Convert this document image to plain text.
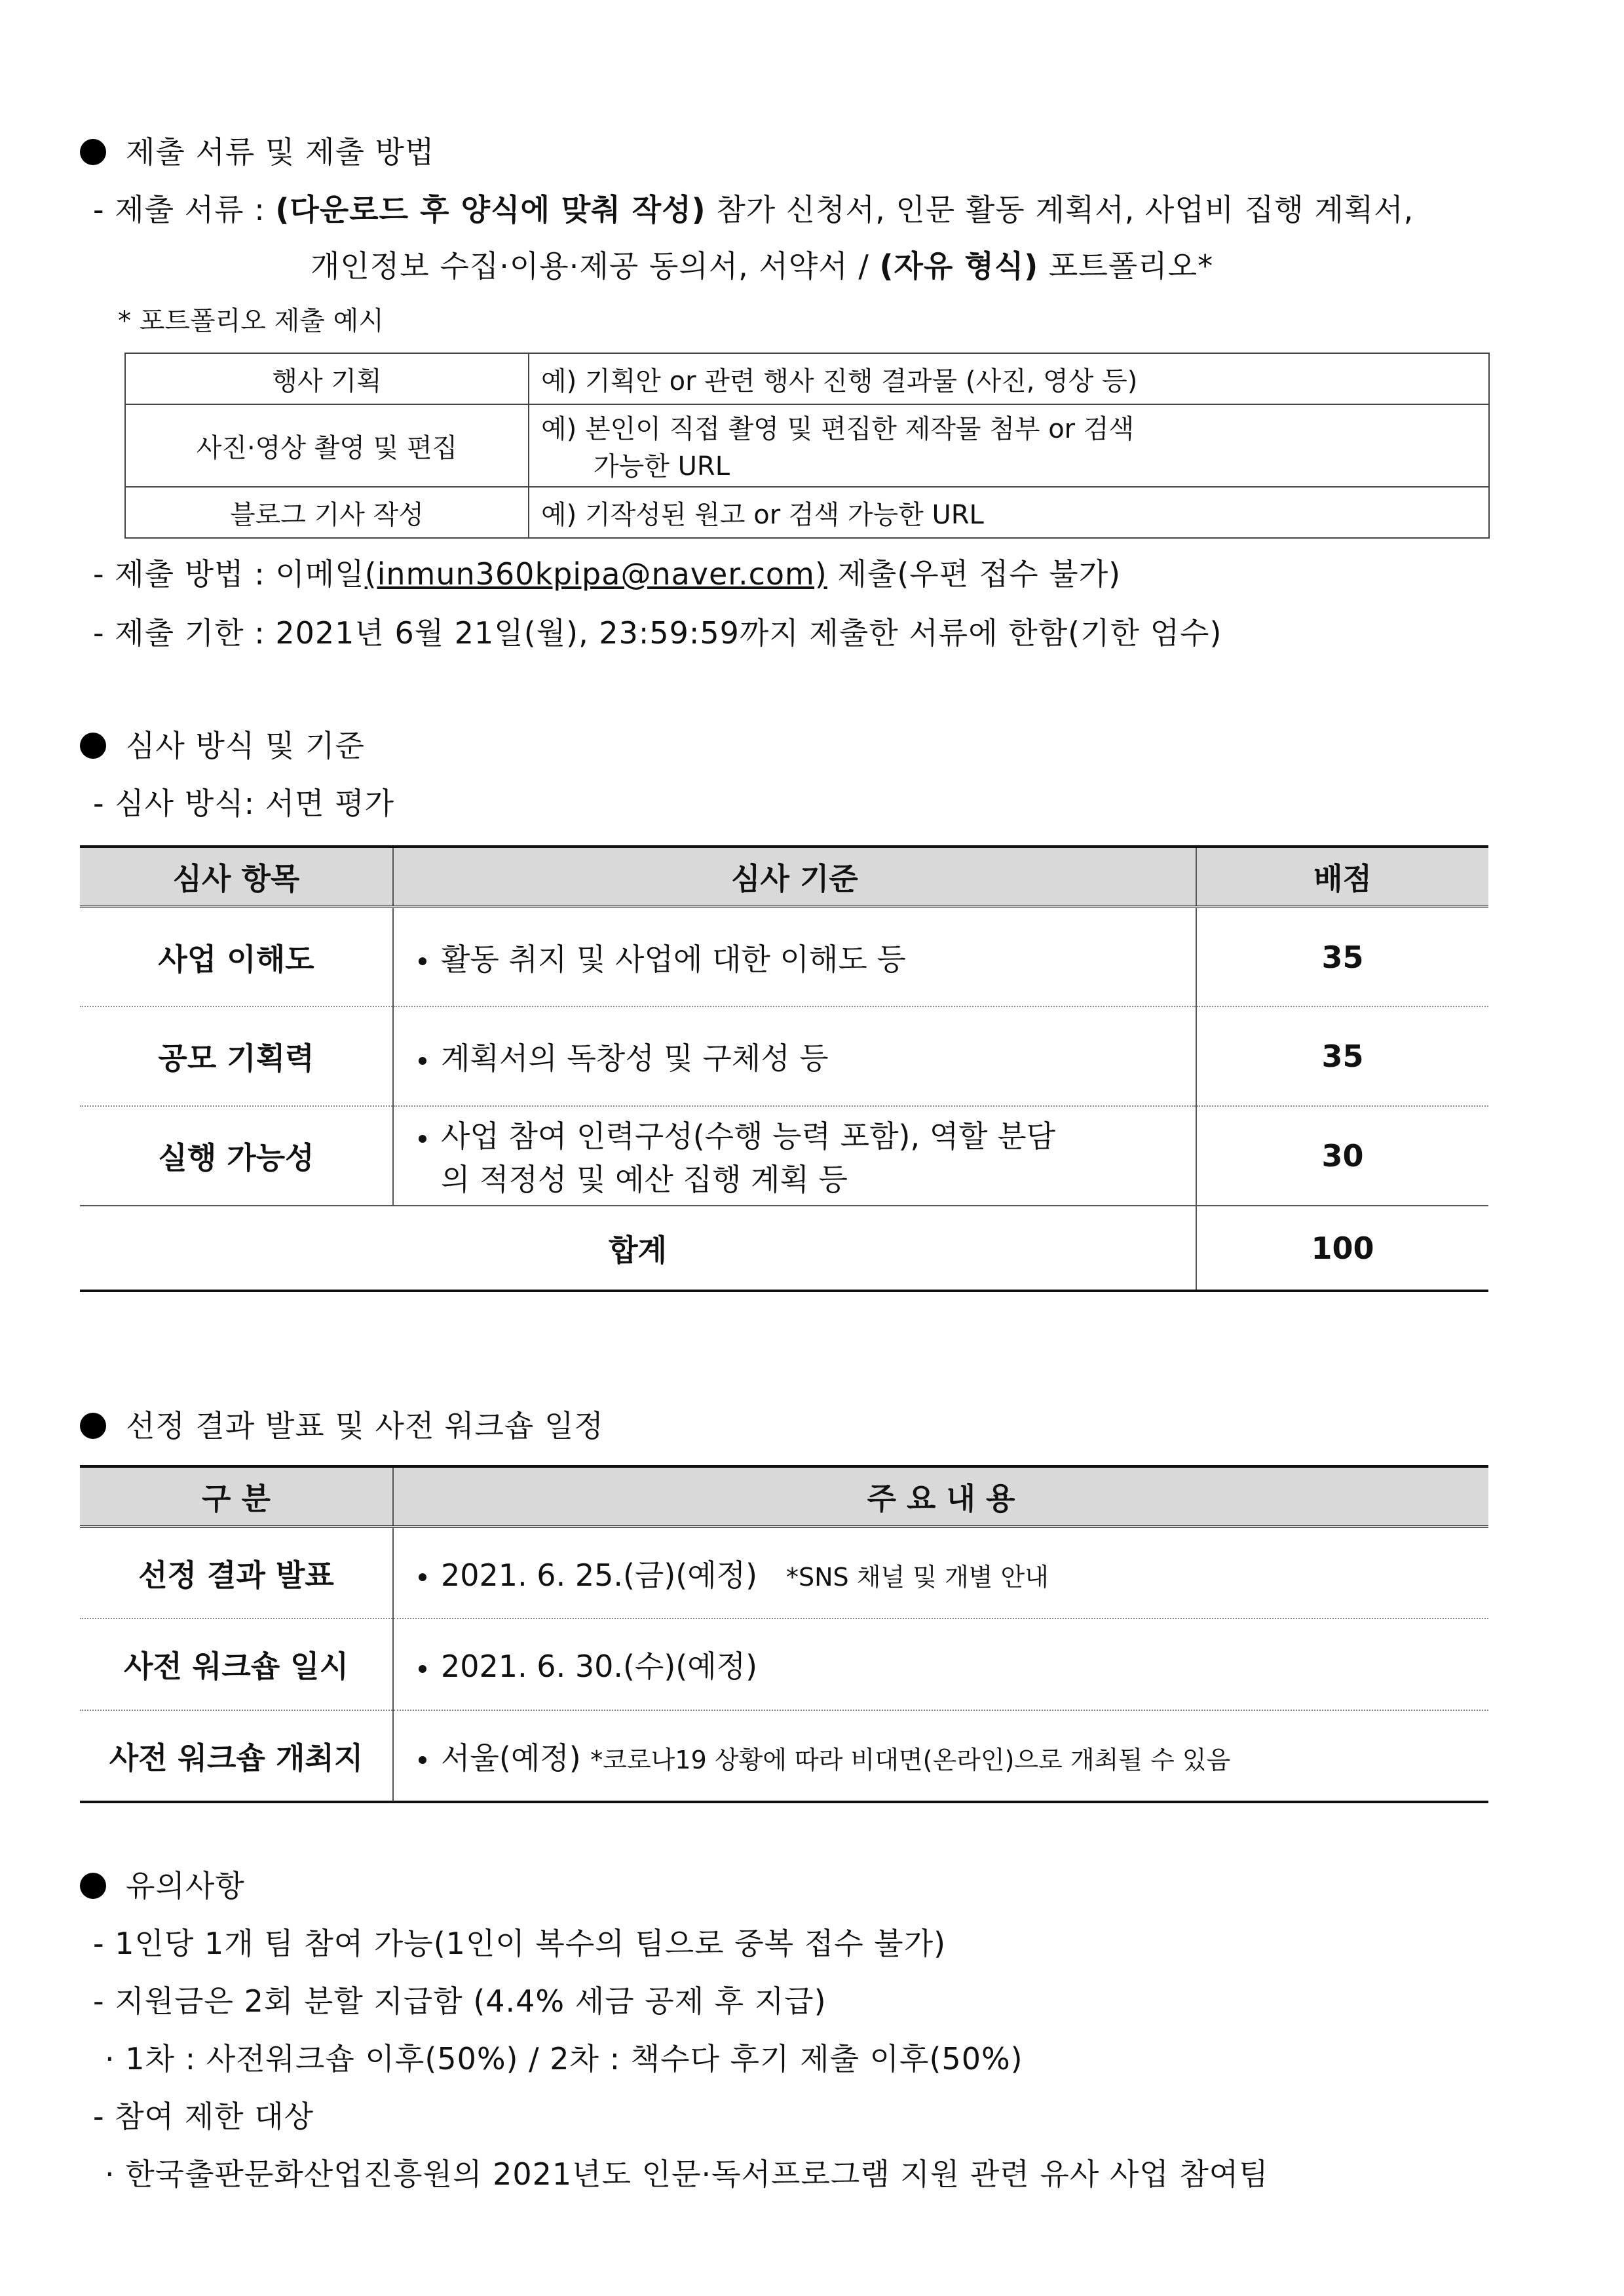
제출 서류 및 제출 방법
- 제출 서류 : (다운로드 후 양식에 맞춰 작성) 참가 신청서, 인문 활동 계획서, 사업비 집행 계획서,
개인정보 수집·이용·제공 동의서, 서약서 / (자유 형식) 포트폴리오*
* 포트폴리오 제출 예시
행사 기획	예) 기획안 or 관련 행사 진행 결과물 (사진, 영상 등)
사진·영상 촬영 및 편집	예) 본인이 직접 촬영 및 편집한 제작물 첨부 or 검색
가능한 URL

블로그 기사 작성	예) 기작성된 원고 or 검색 가능한 URL
- 제출 방법 : 이메일(inmun360kpipa@naver.com) 제출(우편 접수 불가)
- 제출 기한 : 2021년 6월 21일(월), 23:59:59까지 제출한 서류에 한함(기한 엄수)
심사 방식 및 기준
- 심사 방식: 서면 평가
심사 항목	심사 기준	배점
사업 이해도	활동 취지 및 사업에 대한 이해도 등	35
공모 기획력	계획서의 독창성 및 구체성 등	35
실행 가능성	사업 참여 인력구성(수행 능력 포함), 역할 분담
의 적정성 및 예산 집행 계획 등	30
합계		100
선정 결과 발표 및 사전 워크숍 일정
구 분	주 요 내 용
선정 결과 발표	2021. 6. 25.(금)(예정) *SNS 채널 및 개별 안내
사전 워크숍 일시	2021. 6. 30.(수)(예정)
사전 워크숍 개최지	서울(예정) *코로나19 상황에 따라 비대면(온라인)으로 개최될 수 있음
유의사항
- 1인당 1개 팀 참여 가능(1인이 복수의 팀으로 중복 접수 불가)
- 지원금은 2회 분할 지급함 (4.4% 세금 공제 후 지급)
· 1차 : 사전워크숍 이후(50%) / 2차 : 책수다 후기 제출 이후(50%)
- 참여 제한 대상
· 한국출판문화산업진흥원의 2021년도 인문·독서프로그램 지원 관련 유사 사업 참여팀
